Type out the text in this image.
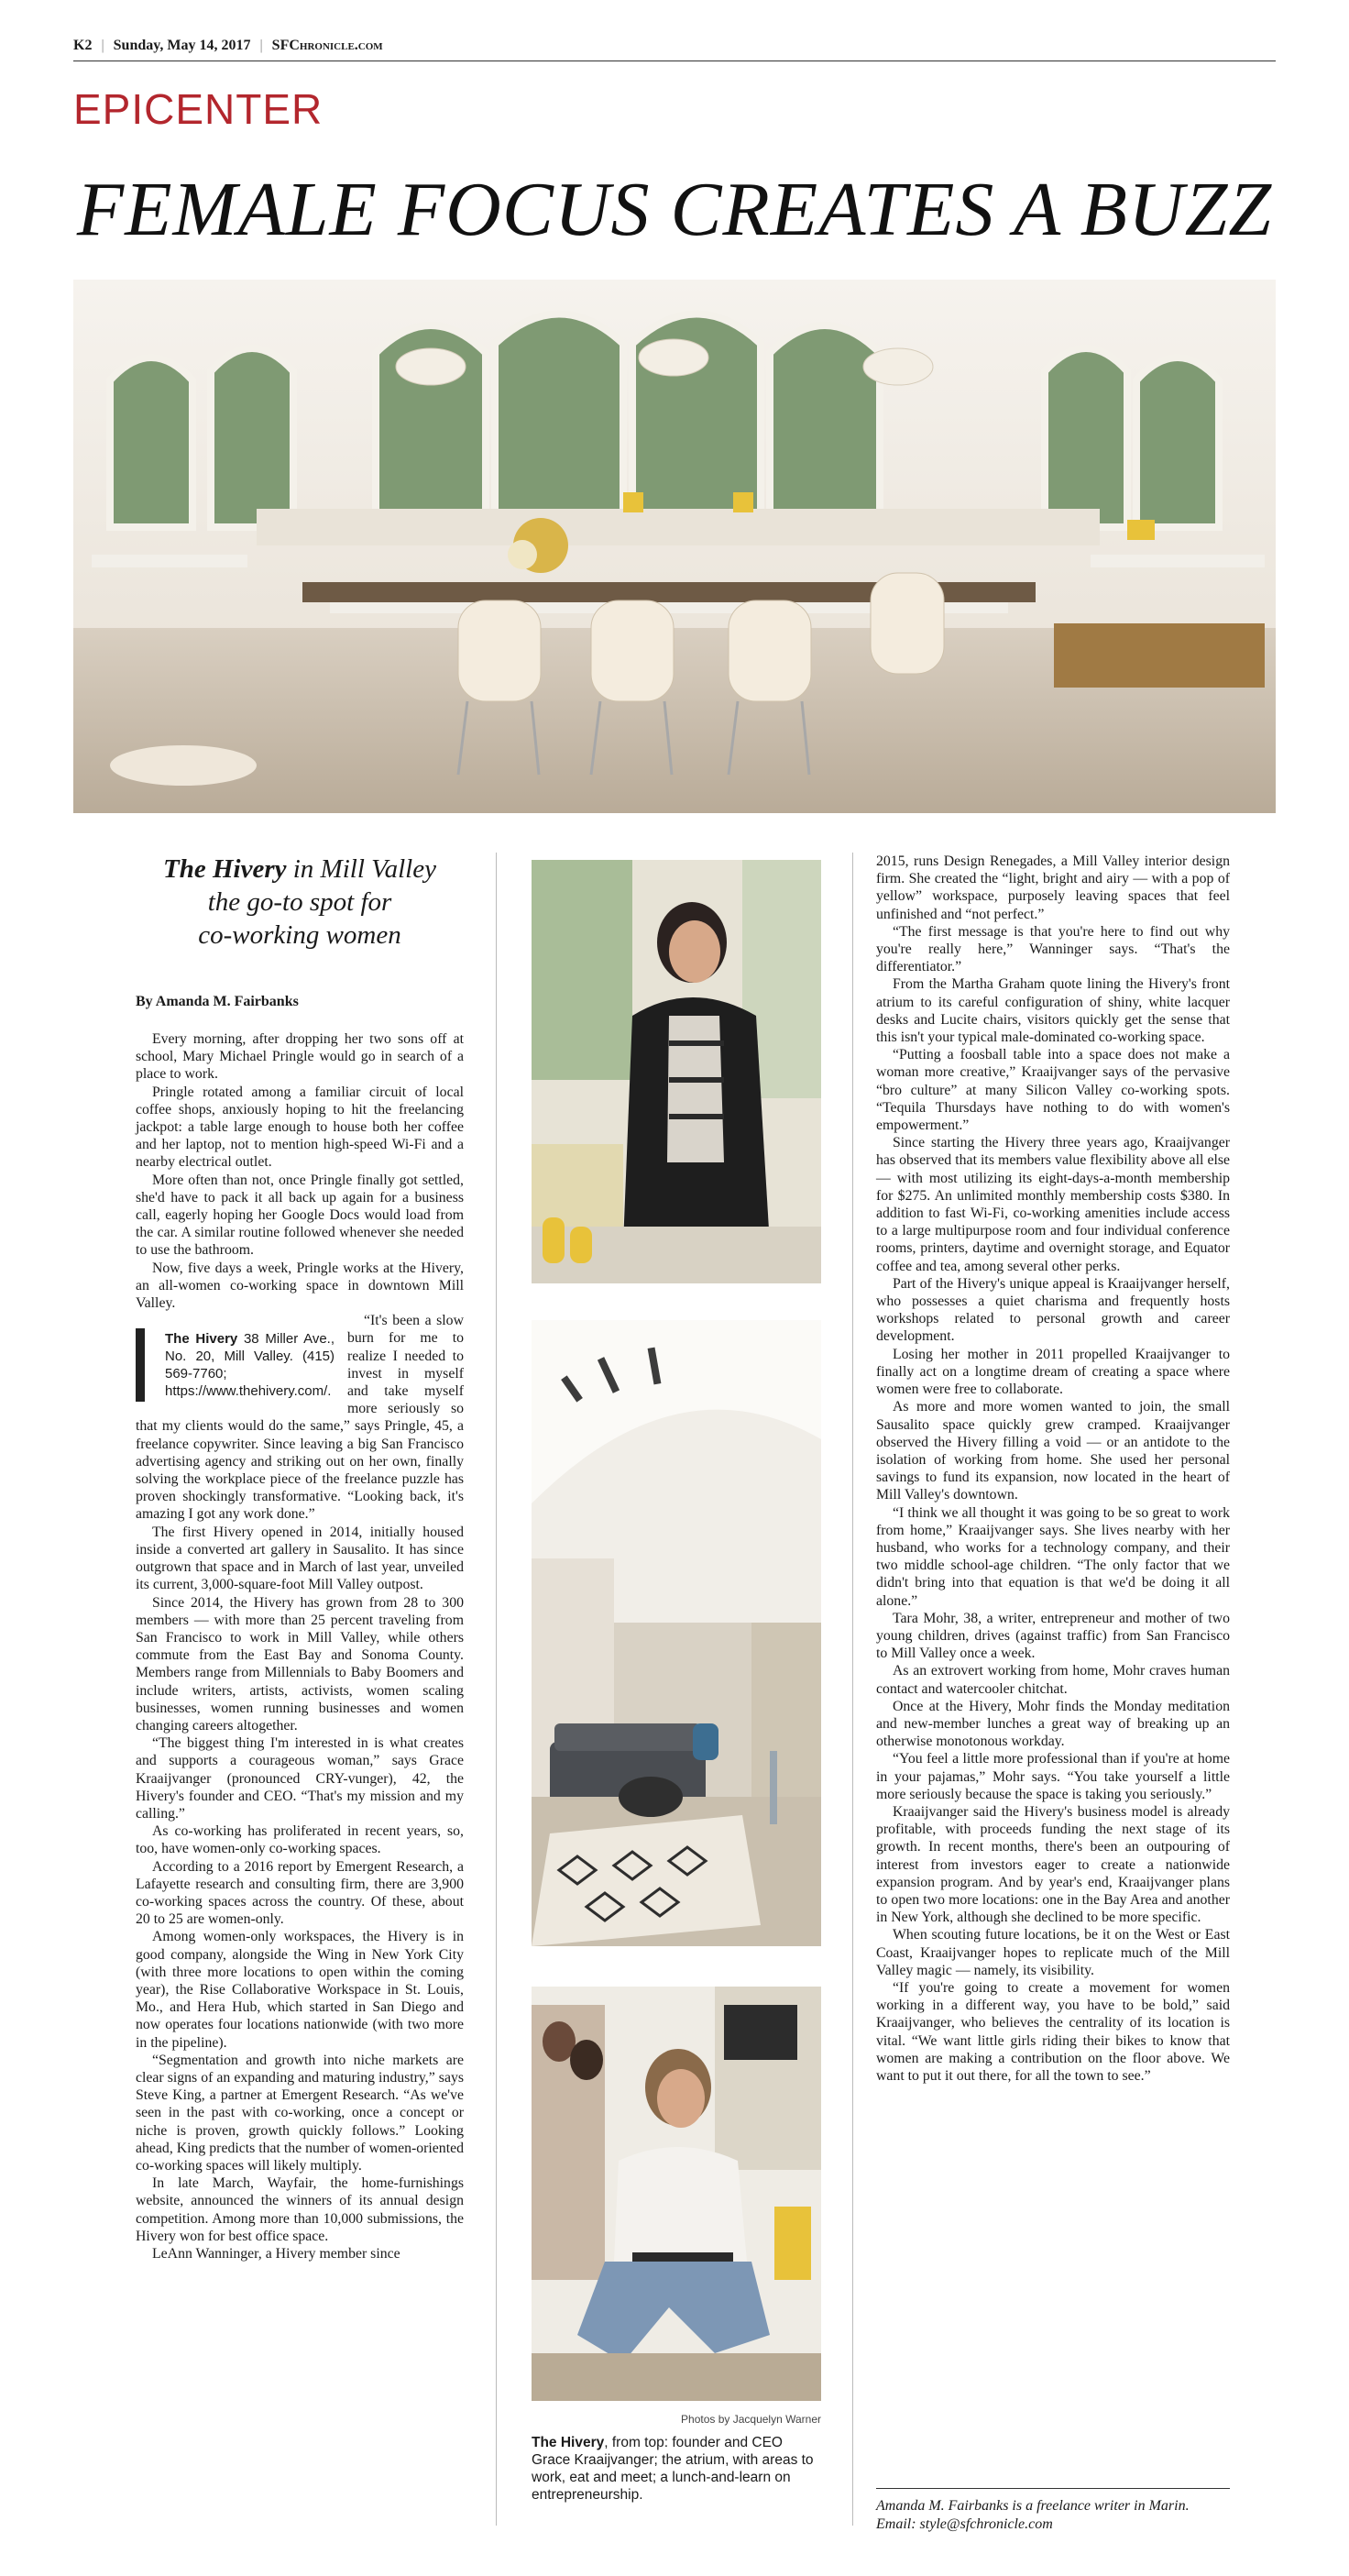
K2 | Sunday, May 14, 2017 | SFChronicle.com
EPICENTER
FEMALE FOCUS CREATES A BUZZ
The Hivery in Mill Valley
the go-to spot for
co-working women
By Amanda M. Fairbanks

Every morning, after dropping her two sons off at school, Mary Michael Pringle would go in search of a place to work.

Pringle rotated among a familiar circuit of local coffee shops, anxiously hoping to hit the freelancing jackpot: a table large enough to house both her coffee and her laptop, not to mention high-speed Wi-Fi and a nearby electrical outlet.

More often than not, once Pringle finally got settled, she'd have to pack it all back up again for a business call, eagerly hoping her Google Docs would load from the car. A similar routine followed whenever she needed to use the bathroom.

Now, five days a week, Pringle works at the Hivery, an all-women co-working space in downtown Mill Valley.

The Hivery 38 Miller Ave., No. 20, Mill Valley. (415) 569-7760; https://www.thehivery.com/.

“It's been a slow burn for me to realize I needed to invest in myself and take myself more seriously so that my clients would do the same,” says Pringle, 45, a freelance copywriter. Since leaving a big San Francisco advertising agency and striking out on her own, finally solving the workplace piece of the freelance puzzle has proven shockingly transformative. “Looking back, it's amazing I got any work done.”

The first Hivery opened in 2014, initially housed inside a converted art gallery in Sausalito. It has since outgrown that space and in March of last year, unveiled its current, 3,000-square-foot Mill Valley outpost.

Since 2014, the Hivery has grown from 28 to 300 members — with more than 25 percent traveling from San Francisco to work in Mill Valley, while others commute from the East Bay and Sonoma County. Members range from Millennials to Baby Boomers and include writers, artists, activists, women scaling businesses, women running businesses and women changing careers altogether.

“The biggest thing I'm interested in is what creates and supports a courageous woman,” says Grace Kraaijvanger (pronounced CRY-vunger), 42, the Hivery's founder and CEO. “That's my mission and my calling.”

As co-working has proliferated in recent years, so, too, have women-only co-working spaces.

According to a 2016 report by Emergent Research, a Lafayette research and consulting firm, there are 3,900 co-working spaces across the country. Of these, about 20 to 25 are women-only.

Among women-only workspaces, the Hivery is in good company, alongside the Wing in New York City (with three more locations to open within the coming year), the Rise Collaborative Workspace in St. Louis, Mo., and Hera Hub, which started in San Diego and now operates four locations nationwide (with two more in the pipeline).

“Segmentation and growth into niche markets are clear signs of an expanding and maturing industry,” says Steve King, a partner at Emergent Research. “As we've seen in the past with co-working, once a concept or niche is proven, growth quickly follows.” Looking ahead, King predicts that the number of women-oriented co-working spaces will likely multiply.

In late March, Wayfair, the home-furnishings website, announced the winners of its annual design competition. Among more than 10,000 submissions, the Hivery won for best office space.

LeAnn Wanninger, a Hivery member since

Photos by Jacquelyn Warner
The Hivery, from top: founder and CEO Grace Kraaijvanger; the atrium, with areas to work, eat and meet; a lunch-and-learn on entrepreneurship.

2015, runs Design Renegades, a Mill Valley interior design firm. She created the “light, bright and airy — with a pop of yellow” workspace, purposely leaving spaces that feel unfinished and “not perfect.”

“The first message is that you're here to find out why you're really here,” Wanninger says. “That's the differentiator.”

From the Martha Graham quote lining the Hivery's front atrium to its careful configuration of shiny, white lacquer desks and Lucite chairs, visitors quickly get the sense that this isn't your typical male-dominated co-working space.

“Putting a foosball table into a space does not make a woman more creative,” Kraaijvanger says of the pervasive “bro culture” at many Silicon Valley co-working spots. “Tequila Thursdays have nothing to do with women's empowerment.”

Since starting the Hivery three years ago, Kraaijvanger has observed that its members value flexibility above all else — with most utilizing its eight-days-a-month membership for $275. An unlimited monthly membership costs $380. In addition to fast Wi-Fi, co-working amenities include access to a large multipurpose room and four individual conference rooms, printers, daytime and overnight storage, and Equator coffee and tea, among several other perks.

Part of the Hivery's unique appeal is Kraaijvanger herself, who possesses a quiet charisma and frequently hosts workshops related to personal growth and career development.

Losing her mother in 2011 propelled Kraaijvanger to finally act on a longtime dream of creating a space where women were free to collaborate.

As more and more women wanted to join, the small Sausalito space quickly grew cramped. Kraaijvanger observed the Hivery filling a void — or an antidote to the isolation of working from home. She used her personal savings to fund its expansion, now located in the heart of Mill Valley's downtown.

“I think we all thought it was going to be so great to work from home,” Kraaijvanger says. She lives nearby with her husband, who works for a technology company, and their two middle school-age children. “The only factor that we didn't bring into that equation is that we'd be doing it all alone.”

Tara Mohr, 38, a writer, entrepreneur and mother of two young children, drives (against traffic) from San Francisco to Mill Valley once a week.

As an extrovert working from home, Mohr craves human contact and watercooler chitchat.

Once at the Hivery, Mohr finds the Monday meditation and new-member lunches a great way of breaking up an otherwise monotonous workday.

“You feel a little more professional than if you're at home in your pajamas,” Mohr says. “You take yourself a little more seriously because the space is taking you seriously.”

Kraaijvanger said the Hivery's business model is already profitable, with proceeds funding the next stage of its growth. In recent months, there's been an outpouring of interest from investors eager to create a nationwide expansion program. And by year's end, Kraaijvanger plans to open two more locations: one in the Bay Area and another in New York, although she declined to be more specific.

When scouting future locations, be it on the West or East Coast, Kraaijvanger hopes to replicate much of the Mill Valley magic — namely, its visibility.

“If you're going to create a movement for women working in a different way, you have to be bold,” said Kraaijvanger, who believes the centrality of its location is vital. “We want little girls riding their bikes to know that women are making a contribution on the floor above. We want to put it out there, for all the town to see.”

Amanda M. Fairbanks is a freelance writer in Marin. Email: style@sfchronicle.com
